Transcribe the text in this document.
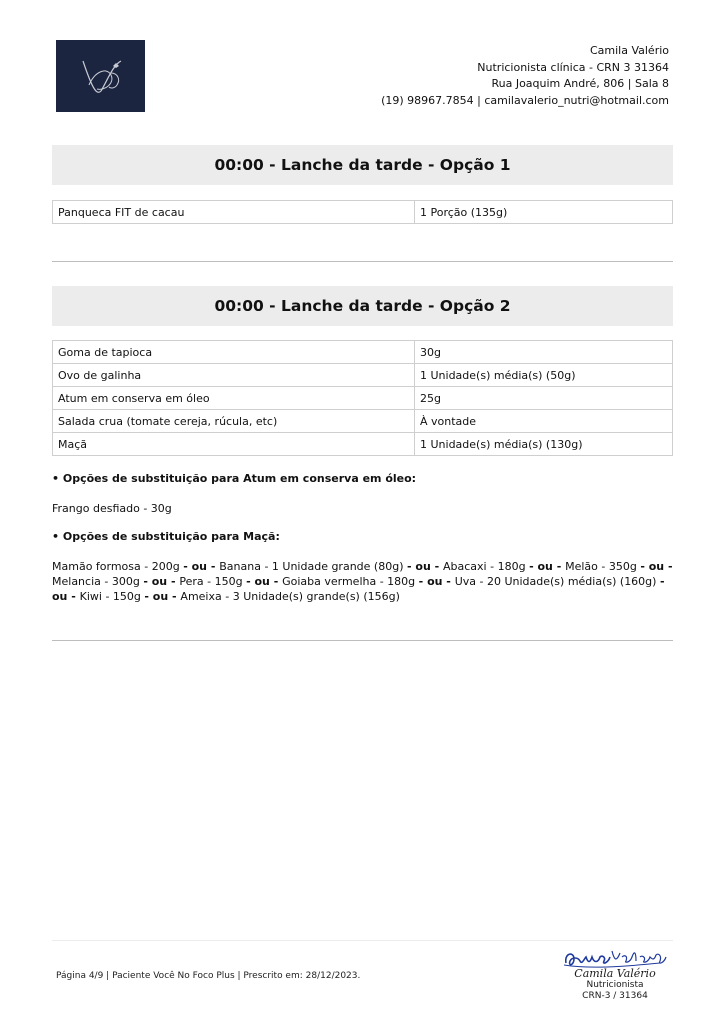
Camila Valério
Nutricionista clínica - CRN 3 31364
Rua Joaquim André, 806 | Sala 8
(19) 98967.7854 | camilavalerio_nutri@hotmail.com
00:00 - Lanche da tarde - Opção 1
Panqueca FIT de cacau	1 Porção (135g)
00:00 - Lanche da tarde - Opção 2
Goma de tapioca	30g
Ovo de galinha	1 Unidade(s) média(s) (50g)
Atum em conserva em óleo	25g
Salada crua (tomate cereja, rúcula, etc)	À vontade
Maçã	1 Unidade(s) média(s) (130g)
• Opções de substituição para Atum em conserva em óleo:
Frango desfiado - 30g
• Opções de substituição para Maçã:
Mamão formosa - 200g - ou - Banana - 1 Unidade grande (80g) - ou - Abacaxi - 180g - ou - Melão - 350g - ou - Melancia - 300g - ou - Pera - 150g - ou - Goiaba vermelha - 180g - ou - Uva - 20 Unidade(s) média(s) (160g) - ou - Kiwi - 150g - ou - Ameixa - 3 Unidade(s) grande(s) (156g)
Página 4/9 | Paciente Você No Foco Plus | Prescrito em: 28/12/2023.	Camila Valério
Nutricionista
CRN-3 / 31364
